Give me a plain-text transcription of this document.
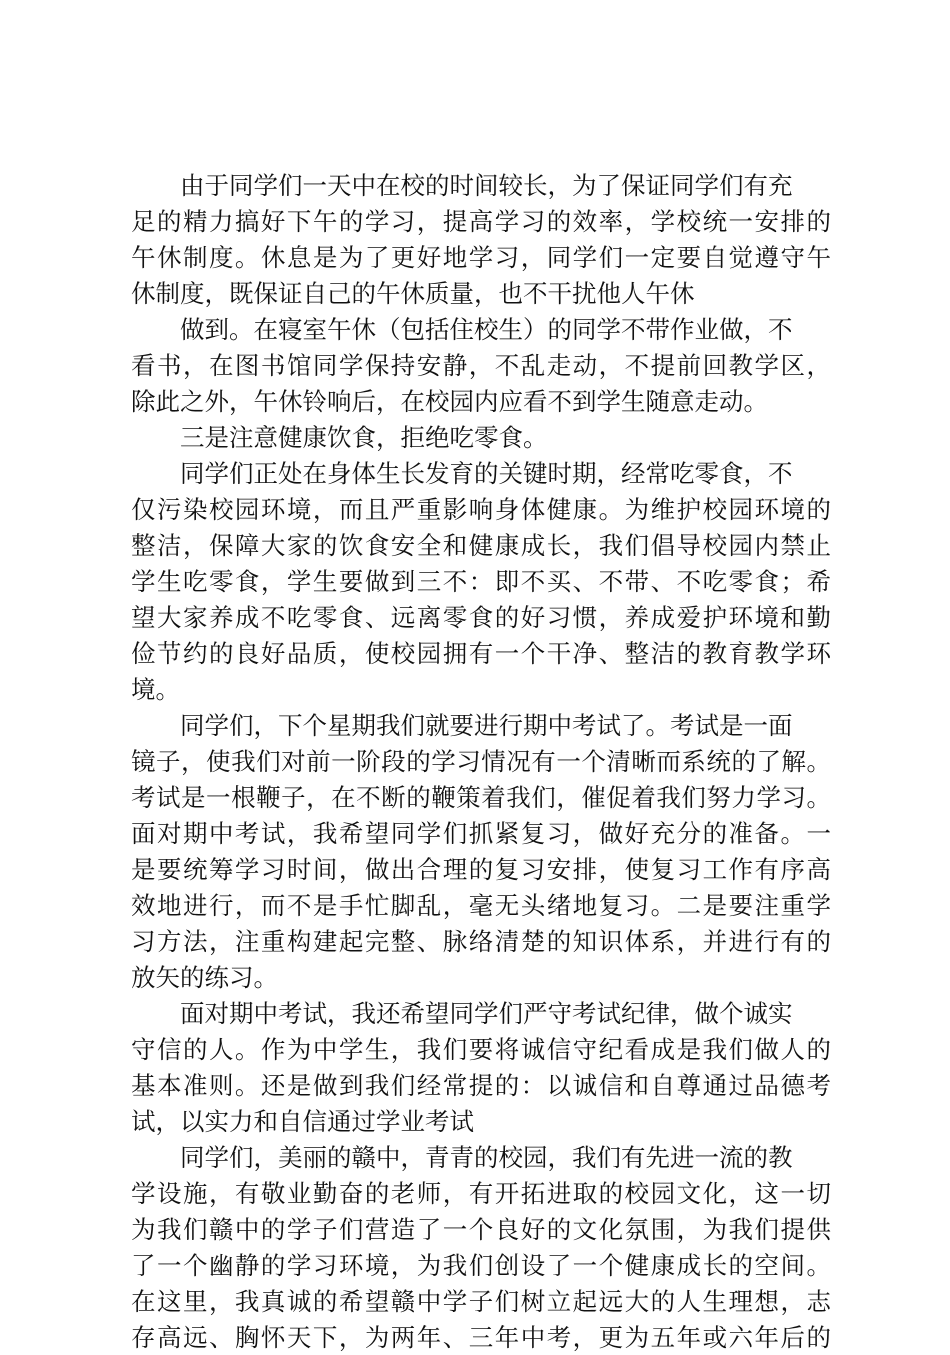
由于同学们一天中在校的时间较长，为了保证同学们有充
足的精力搞好下午的学习，提高学习的效率，学校统一安排的
午休制度。休息是为了更好地学习，同学们一定要自觉遵守午
休制度，既保证自己的午休质量，也不干扰他人午休
做到。在寝室午休（包括住校生）的同学不带作业做，不
看书，在图书馆同学保持安静，不乱走动，不提前回教学区，
除此之外，午休铃响后，在校园内应看不到学生随意走动。
三是注意健康饮食，拒绝吃零食。
同学们正处在身体生长发育的关键时期，经常吃零食，不
仅污染校园环境，而且严重影响身体健康。为维护校园环境的
整洁，保障大家的饮食安全和健康成长，我们倡导校园内禁止
学生吃零食，学生要做到三不：即不买、不带、不吃零食；希
望大家养成不吃零食、远离零食的好习惯，养成爱护环境和勤
俭节约的良好品质，使校园拥有一个干净、整洁的教育教学环
境。
同学们，下个星期我们就要进行期中考试了。考试是一面
镜子，使我们对前一阶段的学习情况有一个清晰而系统的了解。
考试是一根鞭子，在不断的鞭策着我们，催促着我们努力学习。
面对期中考试，我希望同学们抓紧复习，做好充分的准备。一
是要统筹学习时间，做出合理的复习安排，使复习工作有序高
效地进行，而不是手忙脚乱，毫无头绪地复习。二是要注重学
习方法，注重构建起完整、脉络清楚的知识体系，并进行有的
放矢的练习。
面对期中考试，我还希望同学们严守考试纪律，做个诚实
守信的人。作为中学生，我们要将诚信守纪看成是我们做人的
基本准则。还是做到我们经常提的：以诚信和自尊通过品德考
试，以实力和自信通过学业考试
同学们，美丽的赣中，青青的校园，我们有先进一流的教
学设施，有敬业勤奋的老师，有开拓进取的校园文化，这一切
为我们赣中的学子们营造了一个良好的文化氛围，为我们提供
了一个幽静的学习环境，为我们创设了一个健康成长的空间。
在这里，我真诚的希望赣中学子们树立起远大的人生理想，志
存高远、胸怀天下，为两年、三年中考，更为五年或六年后的
